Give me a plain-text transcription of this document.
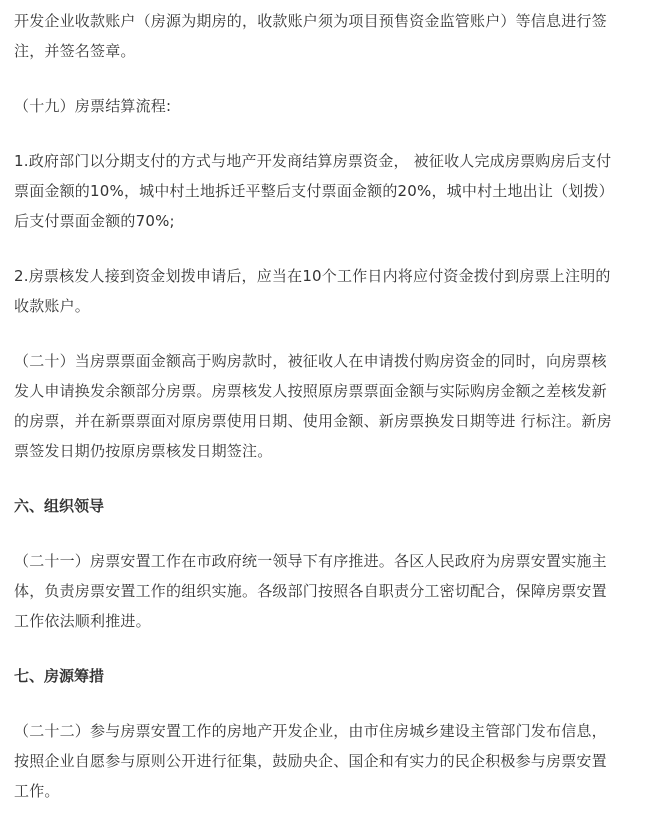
开发企业收款账户（房源为期房的，收款账户须为项目预售资金监管账户）等信息进行签
注，并签名签章。

（十九）房票结算流程:

1.政府部门以分期支付的方式与地产开发商结算房票资金， 被征收人完成房票购房后支付
票面金额的10%，城中村土地拆迁平整后支付票面金额的20%，城中村土地出让（划拨）
后支付票面金额的70%;

2.房票核发人接到资金划拨申请后，应当在10个工作日内将应付资金拨付到房票上注明的
收款账户。

（二十）当房票票面金额高于购房款时，被征收人在申请拨付购房资金的同时，向房票核
发人申请换发余额部分房票。房票核发人按照原房票票面金额与实际购房金额之差核发新
的房票，并在新票票面对原房票使用日期、使用金额、新房票换发日期等进 行标注。新房
票签发日期仍按原房票核发日期签注。

六、组织领导

（二十一）房票安置工作在市政府统一领导下有序推进。各区人民政府为房票安置实施主
体，负责房票安置工作的组织实施。各级部门按照各自职责分工密切配合，保障房票安置
工作依法顺利推进。

七、房源筹措

（二十二）参与房票安置工作的房地产开发企业，由市住房城乡建设主管部门发布信息，
按照企业自愿参与原则公开进行征集，鼓励央企、国企和有实力的民企积极参与房票安置
工作。
